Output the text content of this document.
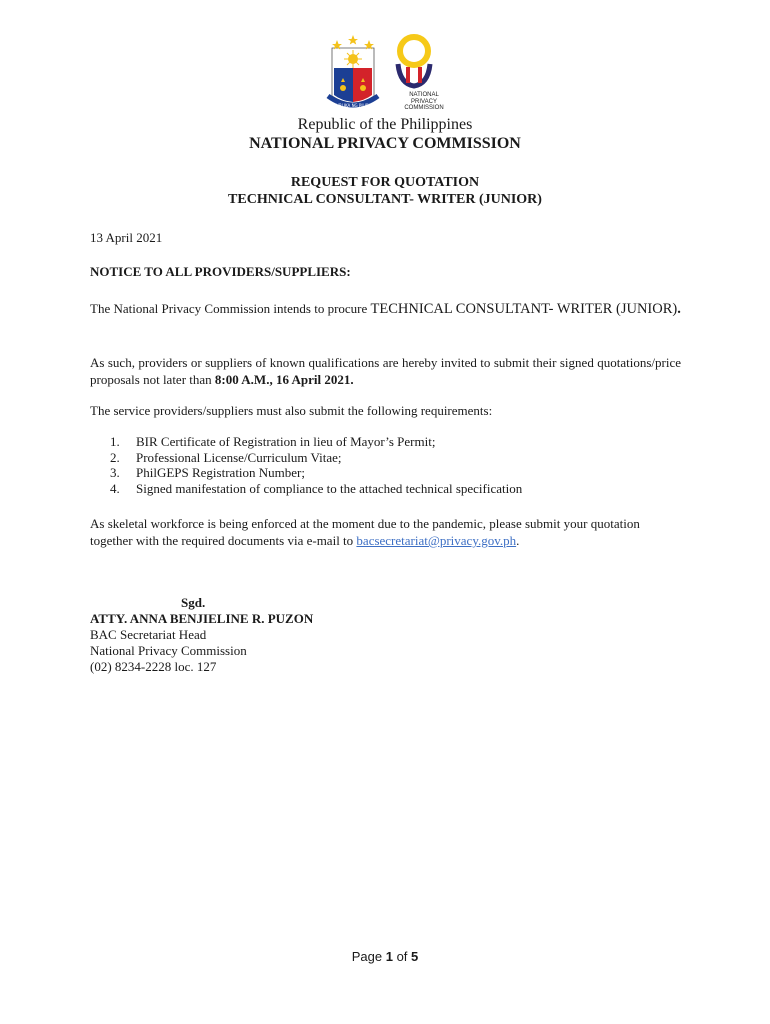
REPUBLIKA NG PILIPINAS
NATIONAL
PRIVACY
COMMISSION
Republic of the Philippines
NATIONAL PRIVACY COMMISSION
REQUEST FOR QUOTATION
TECHNICAL CONSULTANT- WRITER (JUNIOR)
13 April 2021
NOTICE TO ALL PROVIDERS/SUPPLIERS:
The National Privacy Commission intends to procure TECHNICAL CONSULTANT- WRITER (JUNIOR).
As such, providers or suppliers of known qualifications are hereby invited to submit their signed quotations/price proposals not later than 8:00 A.M., 16 April 2021.
The service providers/suppliers must also submit the following requirements:
1.	BIR Certificate of Registration in lieu of Mayor’s Permit;
2.	Professional License/Curriculum Vitae;
3.	PhilGEPS Registration Number;
4.	Signed manifestation of compliance to the attached technical specification
As skeletal workforce is being enforced at the moment due to the pandemic, please submit your quotation together with the required documents via e-mail to bacsecretariat@privacy.gov.ph.
Sgd.
ATTY. ANNA BENJIELINE R. PUZON
BAC Secretariat Head
National Privacy Commission
(02) 8234-2228 loc. 127
Page 1 of 5
